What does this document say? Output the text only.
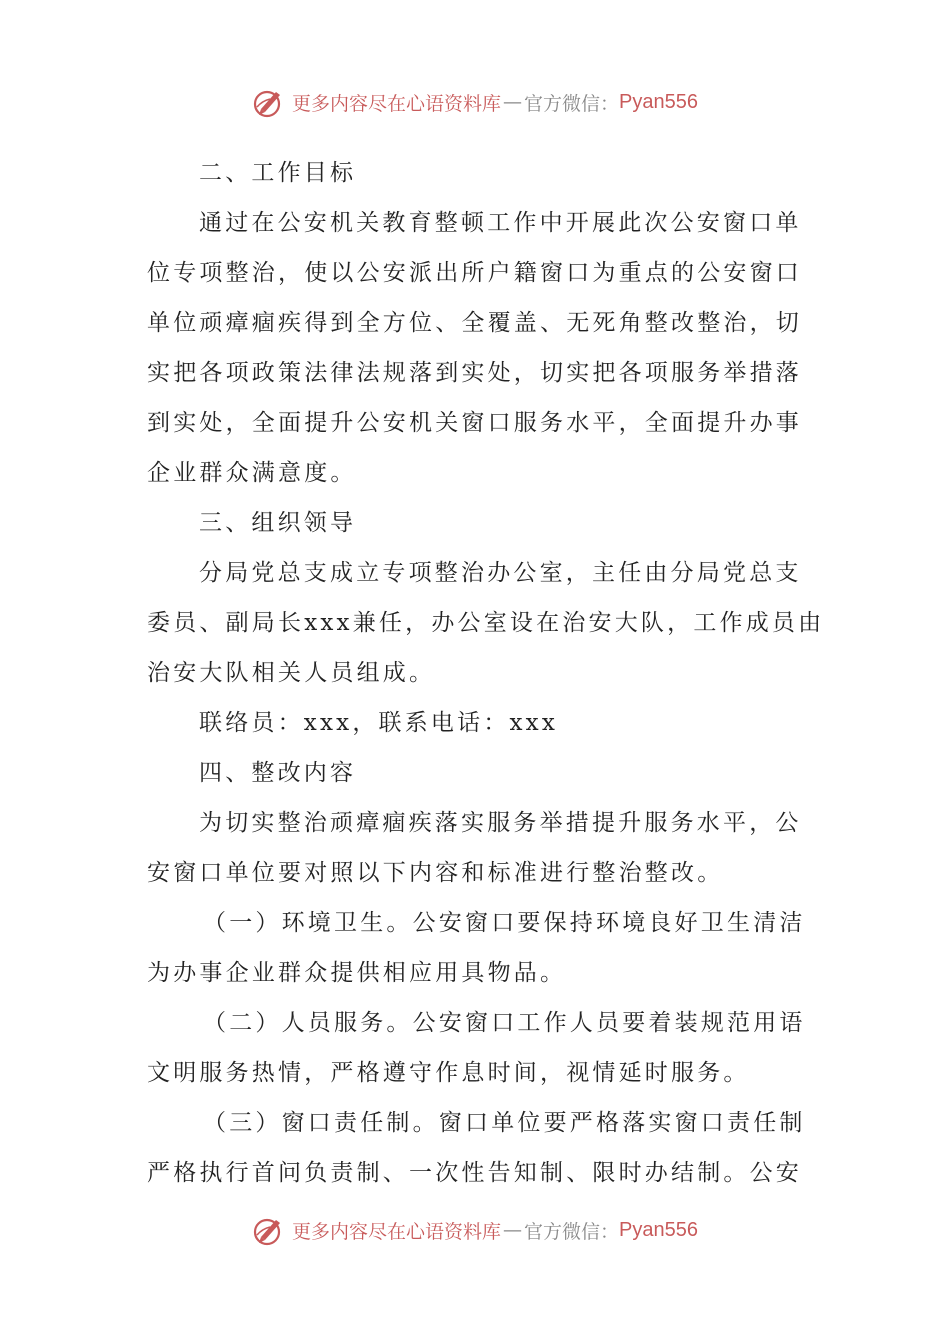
更多内容尽在心语资料库 — 官方微信： Pyan556
二、工作目标
通过在公安机关教育整顿工作中开展此次公安窗口单
位专项整治，使以公安派出所户籍窗口为重点的公安窗口
单位顽瘴痼疾得到全方位、全覆盖、无死角整改整治，切
实把各项政策法律法规落到实处，切实把各项服务举措落
到实处，全面提升公安机关窗口服务水平，全面提升办事
企业群众满意度。
三、组织领导
分局党总支成立专项整治办公室，主任由分局党总支
委员、副局长xxx兼任，办公室设在治安大队，工作成员由
治安大队相关人员组成。
联络员：xxx，联系电话：xxx
四、整改内容
为切实整治顽瘴痼疾落实服务举措提升服务水平，公
安窗口单位要对照以下内容和标准进行整治整改。
（一）环境卫生。公安窗口要保持环境良好卫生清洁
为办事企业群众提供相应用具物品。
（二）人员服务。公安窗口工作人员要着装规范用语
文明服务热情，严格遵守作息时间，视情延时服务。
（三）窗口责任制。窗口单位要严格落实窗口责任制
严格执行首问负责制、一次性告知制、限时办结制。公安
更多内容尽在心语资料库 — 官方微信： Pyan556
